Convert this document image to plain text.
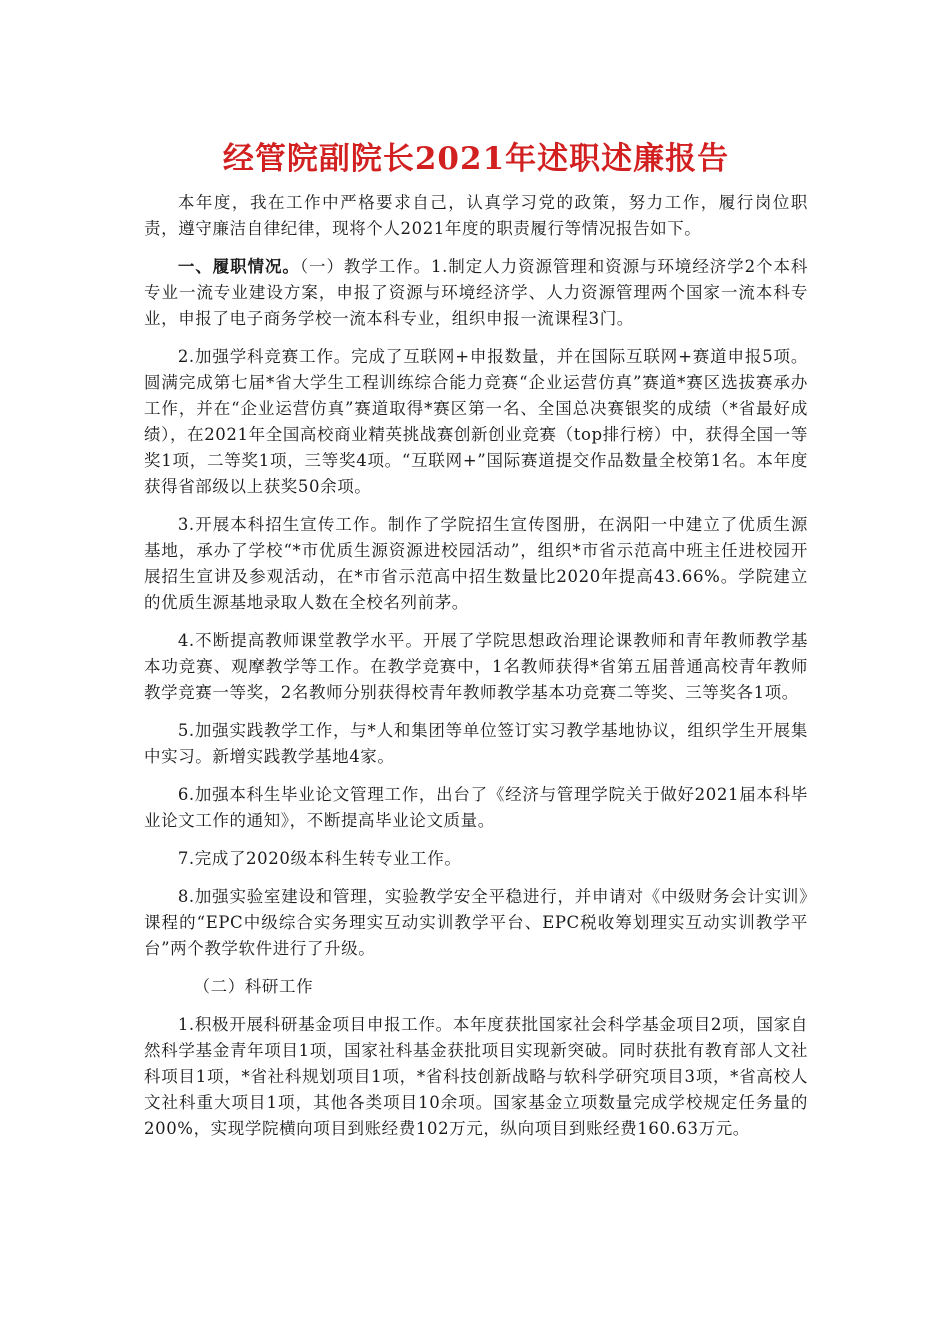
经管院副院长2021年述职述廉报告

本年度，我在工作中严格要求自己，认真学习党的政策，努力工作，履行岗位职责，遵守廉洁自律纪律，现将个人2021年度的职责履行等情况报告如下。

一、履职情况。（一）教学工作。1.制定人力资源管理和资源与环境经济学2个本科专业一流专业建设方案，申报了资源与环境经济学、人力资源管理两个国家一流本科专业，申报了电子商务学校一流本科专业，组织申报一流课程3门。

2.加强学科竞赛工作。完成了互联网+申报数量，并在国际互联网+赛道申报5项。圆满完成第七届*省大学生工程训练综合能力竞赛“企业运营仿真”赛道*赛区选拔赛承办工作，并在“企业运营仿真”赛道取得*赛区第一名、全国总决赛银奖的成绩（*省最好成绩），在2021年全国高校商业精英挑战赛创新创业竞赛（top排行榜）中，获得全国一等奖1项，二等奖1项，三等奖4项。“互联网+”国际赛道提交作品数量全校第1名。本年度获得省部级以上获奖50余项。

3.开展本科招生宣传工作。制作了学院招生宣传图册，在涡阳一中建立了优质生源基地，承办了学校“*市优质生源资源进校园活动”，组织*市省示范高中班主任进校园开展招生宣讲及参观活动，在*市省示范高中招生数量比2020年提高43.66%。学院建立的优质生源基地录取人数在全校名列前茅。

4.不断提高教师课堂教学水平。开展了学院思想政治理论课教师和青年教师教学基本功竞赛、观摩教学等工作。在教学竞赛中，1名教师获得*省第五届普通高校青年教师教学竞赛一等奖，2名教师分别获得校青年教师教学基本功竞赛二等奖、三等奖各1项。

5.加强实践教学工作，与*人和集团等单位签订实习教学基地协议，组织学生开展集中实习。新增实践教学基地4家。

6.加强本科生毕业论文管理工作，出台了《经济与管理学院关于做好2021届本科毕业论文工作的通知》，不断提高毕业论文质量。

7.完成了2020级本科生转专业工作。

8.加强实验室建设和管理，实验教学安全平稳进行，并申请对《中级财务会计实训》课程的“EPC中级综合实务理实互动实训教学平台、EPC税收筹划理实互动实训教学平台”两个教学软件进行了升级。

（二）科研工作

1.积极开展科研基金项目申报工作。本年度获批国家社会科学基金项目2项，国家自然科学基金青年项目1项，国家社科基金获批项目实现新突破。同时获批有教育部人文社科项目1项，*省社科规划项目1项，*省科技创新战略与软科学研究项目3项，*省高校人文社科重大项目1项，其他各类项目10余项。国家基金立项数量完成学校规定任务量的200%，实现学院横向项目到账经费102万元，纵向项目到账经费160.63万元。
